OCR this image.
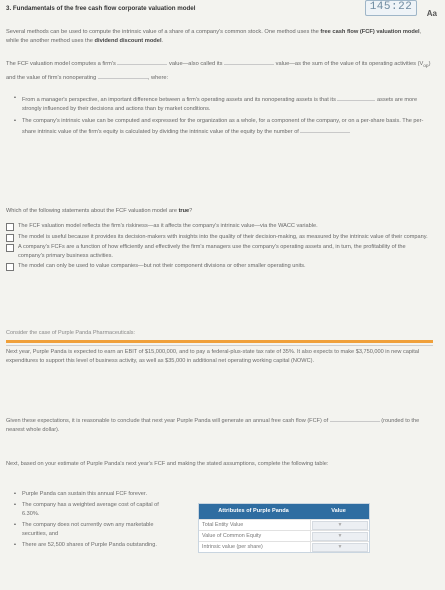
3. Fundamentals of the free cash flow corporate valuation model	145:22
Aa
Several methods can be used to compute the intrinsic value of a share of a company's common stock. One method uses the free cash flow (FCF) valuation model, while the another method uses the dividend discount model.
The FCF valuation model computes a firm's	value—also called its	value—as the sum of the value of its operating activities $(V_{op})$ and the value of firm's nonoperating	, where:
• From a manager's perspective, an important difference between a firm's operating assets and its nonoperating assets is that its	assets are more strongly influenced by their decisions and actions than by market conditions.
• The company's intrinsic value can be computed and expressed for the organization as a whole, for a component of the company, or on a per-share basis. The per-share intrinsic value of the firm's equity is calculated by dividing the intrinsic value of the equity by the number of
Which of the following statements about the FCF valuation model are true?
The FCF valuation model reflects the firm's riskiness—as it affects the company's intrinsic value—via the WACC variable.
The model is useful because it provides its decision-makers with insights into the quality of their decision-making, as measured by the intrinsic value of their company.
A company's FCFs are a function of how efficiently and effectively the firm's managers use the company's operating assets and, in turn, the profitability of the company's primary business activities.
The model can only be used to value companies—but not their component divisions or other smaller operating units.
Consider the case of Purple Panda Pharmaceuticals:

Next year, Purple Panda is expected to earn an EBIT of $15,000,000, and to pay a federal-plus-state tax rate of 35%. It also expects to make $3,750,000 in new capital expenditures to support this level of business activity, as well as $35,000 in additional net operating working capital (NOWC).

Given these expectations, it is reasonable to conclude that next year Purple Panda will generate an annual free cash flow (FCF) of	(rounded to the nearest whole dollar).
Next, based on your estimate of Purple Panda's next year's FCF and making the stated assumptions, complete the following table:
• Purple Panda can sustain this annual FCF forever.
• The company has a weighted average cost of capital of 6.30%.
• The company does not currently own any marketable securities, and
• There are 52,500 shares of Purple Panda outstanding.
Attributes of Purple Panda	Value
Total Entity Value	▼
Value of Common Equity	▼
Intrinsic value (per share)	▼
